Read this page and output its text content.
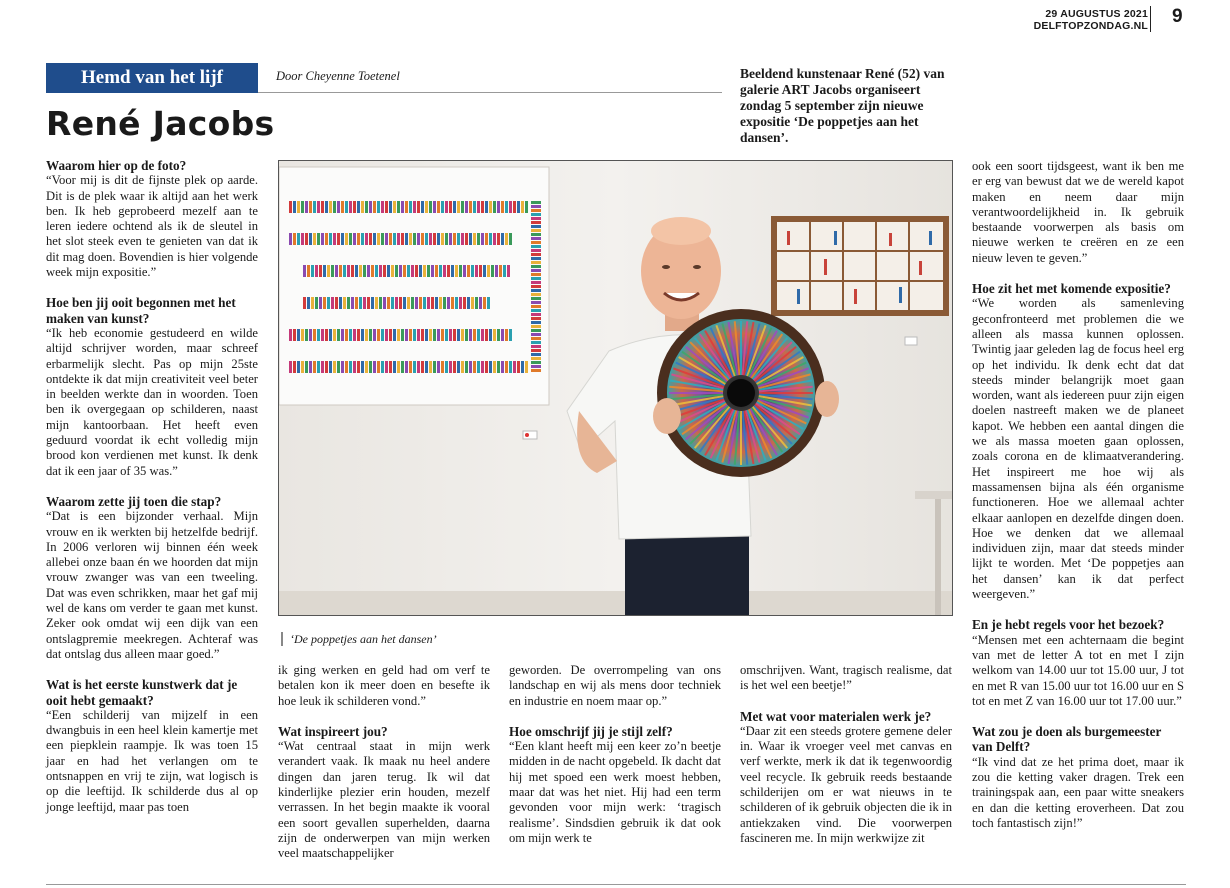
29 AUGUSTUS 2021
DELFTOPZONDAG.NL 9
Hemd van het lijf	Door Cheyenne Toetenel
René Jacobs
Beeldend kunstenaar René (52) van galerie ART Jacobs organiseert zondag 5 september zijn nieuwe expositie ‘De poppetjes aan het dansen’.
Waarom hier op de foto?

“Voor mij is dit de fijnste plek op aarde. Dit is de plek waar ik altijd aan het werk ben. Ik heb geprobeerd mezelf aan te leren iedere ochtend als ik de sleutel in het slot steek even te genieten van dat ik dit mag doen. Bovendien is hier volgende week mijn expositie.”

Hoe ben jij ooit begonnen met het maken van kunst?

“Ik heb economie gestudeerd en wilde altijd schrijver worden, maar schreef erbarmelijk slecht. Pas op mijn 25ste ontdekte ik dat mijn creativiteit veel beter in beelden werkte dan in woorden. Toen ben ik overgegaan op schilderen, naast mijn kantoorbaan. Het heeft even geduurd voordat ik echt volledig mijn brood kon verdienen met kunst. Ik denk dat ik een jaar of 35 was.”

Waarom zette jij toen die stap?

“Dat is een bijzonder verhaal. Mijn vrouw en ik werkten bij hetzelfde bedrijf. In 2006 verloren wij binnen één week allebei onze baan én we hoorden dat mijn vrouw zwanger was van een tweeling. Dat was even schrikken, maar het gaf mij wel de kans om verder te gaan met kunst. Zeker ook omdat wij een dijk van een ontslagpremie meekregen. Achteraf was dat ontslag dus alleen maar goed.”

Wat is het eerste kunstwerk dat je ooit hebt gemaakt?

“Een schilderij van mijzelf in een dwangbuis in een heel klein kamertje met een piepklein raampje. Ik was toen 15 jaar en had het verlangen om te ontsnappen en vrij te zijn, wat logisch is op die leeftijd. Ik schilderde dus al op jonge leeftijd, maar pas toen

ik ging werken en geld had om verf te betalen kon ik meer doen en besefte ik hoe leuk ik schilderen vond.”

Wat inspireert jou?

“Wat centraal staat in mijn werk verandert vaak. Ik maak nu heel andere dingen dan jaren terug. Ik wil dat kinderlijke plezier erin houden, mezelf verrassen. In het begin maakte ik vooral een soort gevallen superhelden, daarna zijn de onderwerpen van mijn werken veel maatschappelijker

geworden. De overrompeling van ons landschap en wij als mens door techniek en industrie en noem maar op.”

Hoe omschrijf jij je stijl zelf?

“Een klant heeft mij een keer zo’n beetje midden in de nacht opgebeld. Ik dacht dat hij met spoed een werk moest hebben, maar dat was het niet. Hij had een term gevonden voor mijn werk: ‘tragisch realisme’. Sindsdien gebruik ik dat ook om mijn werk te

omschrijven. Want, tragisch realisme, dat is het wel een beetje!”

Met wat voor materialen werk je?

“Daar zit een steeds grotere gemene deler in. Waar ik vroeger veel met canvas en verf werkte, merk ik dat ik tegenwoordig veel recycle. Ik gebruik reeds bestaande schilderijen om er wat nieuws in te schilderen of ik gebruik objecten die ik in antiekzaken vind. Die voorwerpen fascineren me. In mijn werkwijze zit

ook een soort tijdsgeest, want ik ben me er erg van bewust dat we de wereld kapot maken en neem daar mijn verantwoordelijkheid in. Ik gebruik bestaande voorwerpen als basis om nieuwe werken te creëren en ze een nieuw leven te geven.”

Hoe zit het met komende expositie?

“We worden als samenleving geconfronteerd met problemen die we alleen als massa kunnen oplossen. Twintig jaar geleden lag de focus heel erg op het individu. Ik denk echt dat dat steeds minder belangrijk moet gaan worden, want als iedereen puur zijn eigen doelen nastreeft maken we de planeet kapot. We hebben een aantal dingen die we als massa moeten gaan oplossen, zoals corona en de klimaatverandering. Het inspireert me hoe wij als massamensen bijna als één organisme functioneren. Hoe we allemaal achter elkaar aanlopen en dezelfde dingen doen. Hoe we denken dat we allemaal individuen zijn, maar dat steeds minder lijkt te worden. Met ‘De poppetjes aan het dansen’ kan ik dat perfect weergeven.”

En je hebt regels voor het bezoek?

“Mensen met een achternaam die begint van met de letter A tot en met I zijn welkom van 14.00 uur tot 15.00 uur, J tot en met R van 15.00 uur tot 16.00 uur en S tot en met Z van 16.00 uur tot 17.00 uur.”

Wat zou je doen als burgemeester van Delft?

“Ik vind dat ze het prima doet, maar ik zou die ketting vaker dragen. Trek een trainingspak aan, een paar witte sneakers en dan die ketting eroverheen. Dat zou toch fantastisch zijn!”

‘De poppetjes aan het dansen’
